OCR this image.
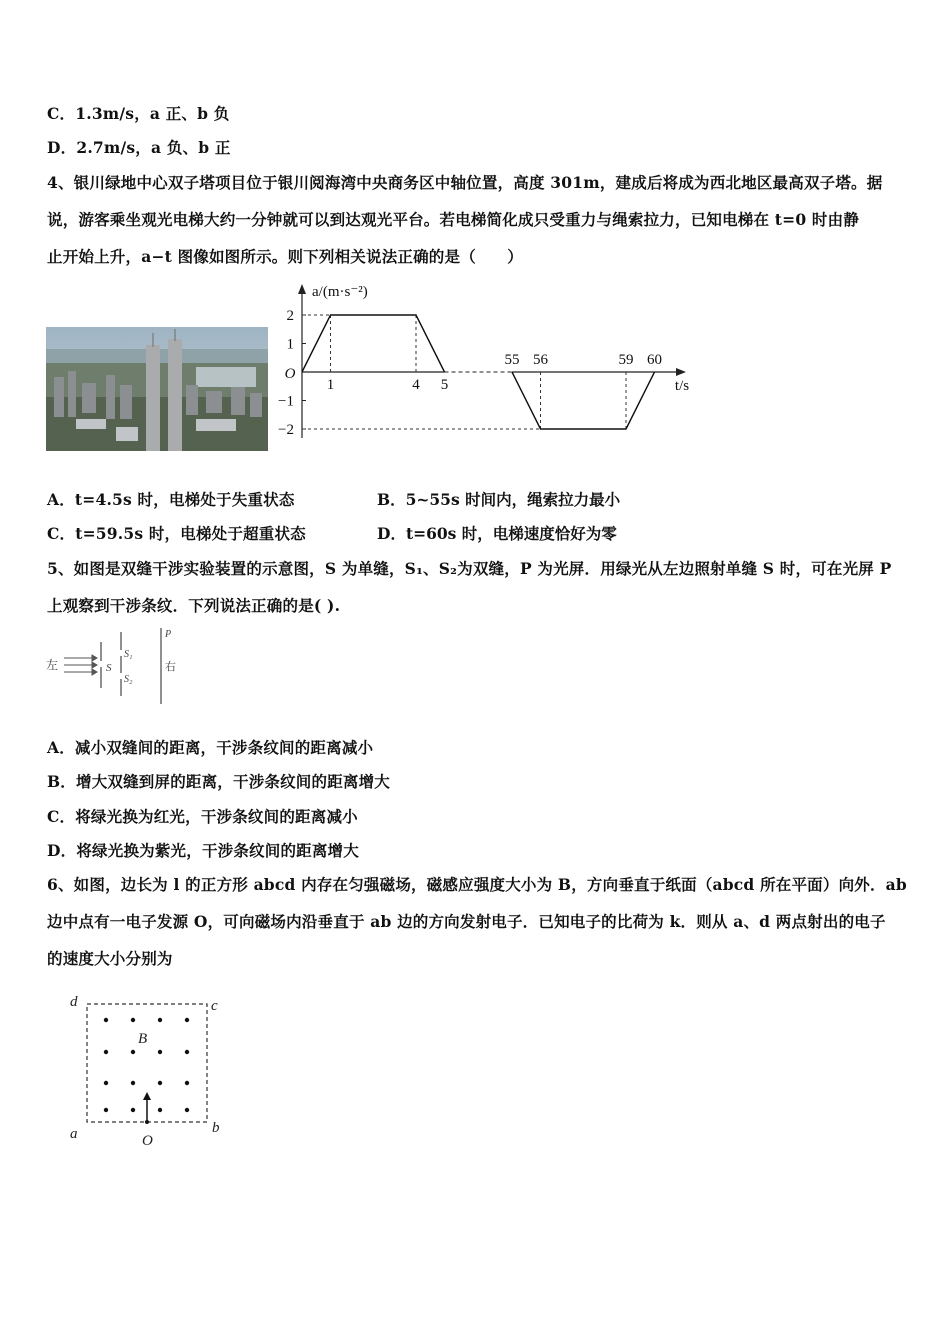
C．1.3m/s，a 正、b 负
D．2.7m/s，a 负、b 正
4、银川绿地中心双子塔项目位于银川阅海湾中央商务区中轴位置，高度 301m，建成后将成为西北地区最高双子塔。据
说，游客乘坐观光电梯大约一分钟就可以到达观光平台。若电梯简化成只受重力与绳索拉力，已知电梯在 t=0 时由静
止开始上升，a−t 图像如图所示。则下列相关说法正确的是（　　）
a/(m·s⁻²)
t/s
O
2
1
−1
−2
1	4 5
55 56	59 60
A．t=4.5s 时，电梯处于失重状态	B．5~55s 时间内，绳索拉力最小
C．t=59.5s 时，电梯处于超重状态	D．t=60s 时，电梯速度恰好为零
5、如图是双缝干涉实验装置的示意图，S 为单缝，S₁、S₂为双缝，P 为光屏．用绿光从左边照射单缝 S 时，可在光屏 P
上观察到干涉条纹．下列说法正确的是( ).
左	S
S₁
S₂
P
右
A．减小双缝间的距离，干涉条纹间的距离减小
B．增大双缝到屏的距离，干涉条纹间的距离增大
C．将绿光换为红光，干涉条纹间的距离减小
D．将绿光换为紫光，干涉条纹间的距离增大
6、如图，边长为 l 的正方形 abcd 内存在匀强磁场，磁感应强度大小为 B，方向垂直于纸面（abcd 所在平面）向外．ab
边中点有一电子发源 O，可向磁场内沿垂直于 ab 边的方向发射电子．已知电子的比荷为 k．则从 a、d 两点射出的电子
的速度大小分别为
B
d	c
a	b
O
